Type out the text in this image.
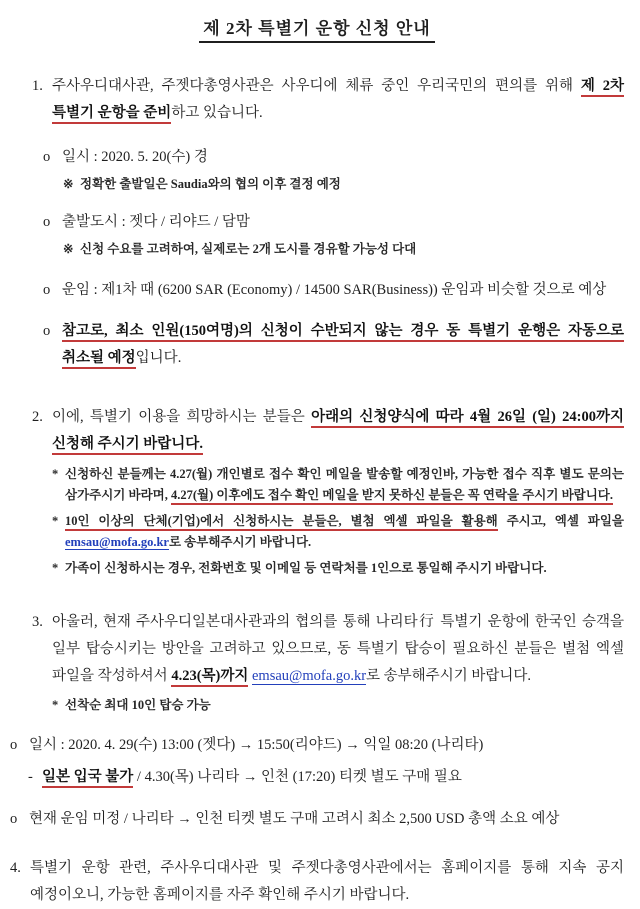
제 2차 특별기 운항 신청 안내
1. 주사우디대사관, 주젯다총영사관은 사우디에 체류 중인 우리국민의 편의를 위해 제 2차 특별기 운항을 준비하고 있습니다.
o 일시 : 2020. 5. 20(수) 경
※ 정확한 출발일은 Saudia와의 협의 이후 결정 예정
o 출발도시 : 젯다 / 리야드 / 담맘
※ 신청 수요를 고려하여, 실제로는 2개 도시를 경유할 가능성 다대
o 운임 : 제1차 때 (6200 SAR (Economy) / 14500 SAR(Business)) 운임과 비슷할 것으로 예상
o 참고로, 최소 인원(150여명)의 신청이 수반되지 않는 경우 동 특별기 운행은 자동으로 취소될 예정입니다.
2. 이에, 특별기 이용을 희망하시는 분들은 아래의 신청양식에 따라 4월 26일 (일) 24:00까지 신청해 주시기 바랍니다.
* 신청하신 분들께는 4.27(월) 개인별로 접수 확인 메일을 발송할 예정인바, 가능한 접수 직후 별도 문의는 삼가주시기 바라며, 4.27(월) 이후에도 접수 확인 메일을 받지 못하신 분들은 꼭 연락을 주시기 바랍니다.
* 10인 이상의 단체(기업)에서 신청하시는 분들은, 별첨 엑셀 파일을 활용해 주시고, 엑셀 파일을 emsau@mofa.go.kr로 송부해주시기 바랍니다.
* 가족이 신청하시는 경우, 전화번호 및 이메일 등 연락처를 1인으로 통일해 주시기 바랍니다.
3. 아울러, 현재 주사우디일본대사관과의 협의를 통해 나리타行 특별기 운항에 한국인 승객을 일부 탑승시키는 방안을 고려하고 있으므로, 동 특별기 탑승이 필요하신 분들은 별첨 엑셀 파일을 작성하셔서 4.23(목)까지 emsau@mofa.go.kr로 송부해주시기 바랍니다.
* 선착순 최대 10인 탑승 가능
o 일시 : 2020. 4. 29(수) 13:00 (젯다) → 15:50(리야드) → 익일 08:20 (나리타)
- 일본 입국 불가 / 4.30(목) 나리타 → 인천 (17:20) 티켓 별도 구매 필요
o 현재 운임 미정 / 나리타 → 인천 티켓 별도 구매 고려시 최소 2,500 USD 총액 소요 예상
4. 특별기 운항 관련, 주사우디대사관 및 주젯다총영사관에서는 홈페이지를 통해 지속 공지 예정이오니, 가능한 홈페이지를 자주 확인해 주시기 바랍니다.
